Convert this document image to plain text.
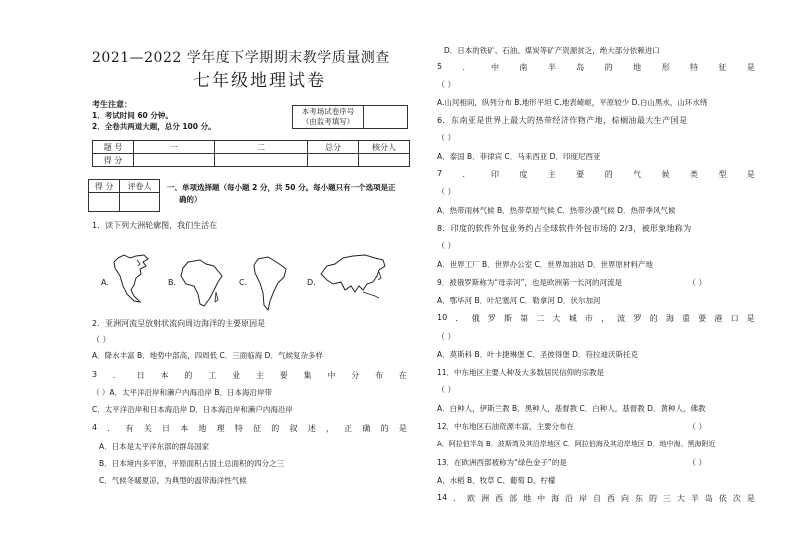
2021—2022 学年度下学期期末教学质量测查
七年级地理试卷
考生注意：
1．考试时间 60 分钟。
2．全卷共两道大题，总分 100 分。
本考场试卷序号
（由监考填写）

题 号	一	二	总分	核分人
得 分				
得 分	评卷人
	一、单项选择题（每小题 2 分，共 50 分。每小题只有一个选项是正
确的）
1．读下列大洲轮廓图，我们生活在
A.	B.	C.	D.
2．亚洲河流呈放射状流向周边海洋的主要原因是
（ ）
A．降水丰富 B．地势中部高，四周低 C．三面临海 D．气候复杂多样
3 ． 日 本 的 工 业 主 要 集 中 分 布 在
（ ）A．太平洋沿岸和濑户内海沿岸 B．日本海沿岸带
C．太平洋沿岸和日本海沿岸 D．日本海沿岸和濑户内海沿岸
4 ． 有 关 日 本 地 理 特 征 的 叙 述 ， 正 确 的 是
A．日本是太平洋东部的群岛国家
B．日本境内多平原，平原面积占国土总面积的四分之三
C．气候冬暖夏凉，为典型的温带海洋性气候
D．日本的铁矿、石油、煤炭等矿产资源贫乏，绝大部分依赖进口
5	．	中	南	半	岛	的	地	形	特	征	是
（ ）
A.山河相间，纵列分布 B.地形平坦 C.地表崎岖，平原较少 D.白山黑水，山环水绕
6．东南亚是世界上最大的热带经济作物产地，棕榈油最大生产国是
（ ）
A．泰国 B．菲律宾 C．马来西亚 D．印度尼西亚
7	．	印	度	主	要	的	气	候	类	型	是
（ ）
A．热带雨林气候 B．热带草原气候 C．热带沙漠气候 D．热带季风气候
8．印度的软件外包业务约占全球软件外包市场的 2/3，被形象地称为
（ ）
A．世界工厂 B．世界办公室 C．世界加油站 D．世界原材料产地
9．被俄罗斯称为“母亲河”，也是欧洲第一长河的河流是	（ ）
A．鄂毕河 B．叶尼塞河 C．勒拿河 D．伏尔加河
10 ． 俄 罗 斯 第 二 大 城 市 ， 波 罗 的 海 重 要 港 口 是
（ ）
A．莫斯科 B．叶卡捷琳堡 C．圣彼得堡 D．符拉迪沃斯托克
11．中东地区主要人种及大多数居民信仰的宗教是
（ ）
A．白种人，伊斯兰教 B．黑种人，基督教 C．白种人，基督教 D．黄种人，佛教
12．中东地区石油资源丰富，主要分布在	（ ）
A．阿拉伯半岛 B．波斯湾及其沿岸地区 C．阿拉伯海及其沿岸地区 D．地中海、黑海附近
13．在欧洲西部被称为“绿色金子”的是	（ ）
A、水稻 B、牧草 C、葡萄 D、柠檬
14 ． 欧 洲 西 部 地 中 海 沿 岸 自 西 向 东 的 三 大 半 岛 依 次 是
